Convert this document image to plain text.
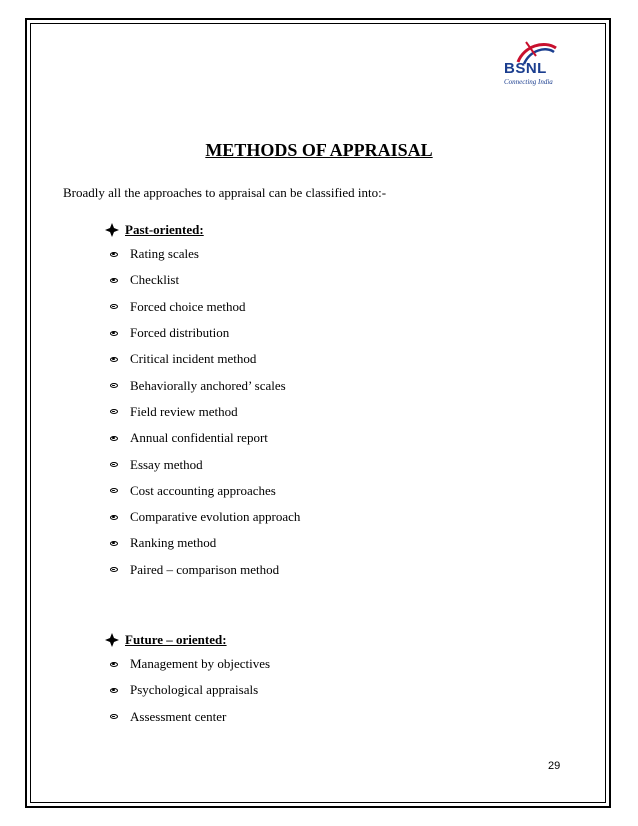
BSNL
Connecting India
METHODS OF APPRAISAL
Broadly all the approaches to appraisal can be classified into:-
Past-oriented:
Rating scales
Checklist
Forced choice method
Forced distribution
Critical incident method
Behaviorally anchored’ scales
Field review method
Annual confidential report
Essay method
Cost accounting approaches
Comparative evolution approach
Ranking method
Paired – comparison method
Future – oriented:
Management by objectives
Psychological appraisals
Assessment center
29
